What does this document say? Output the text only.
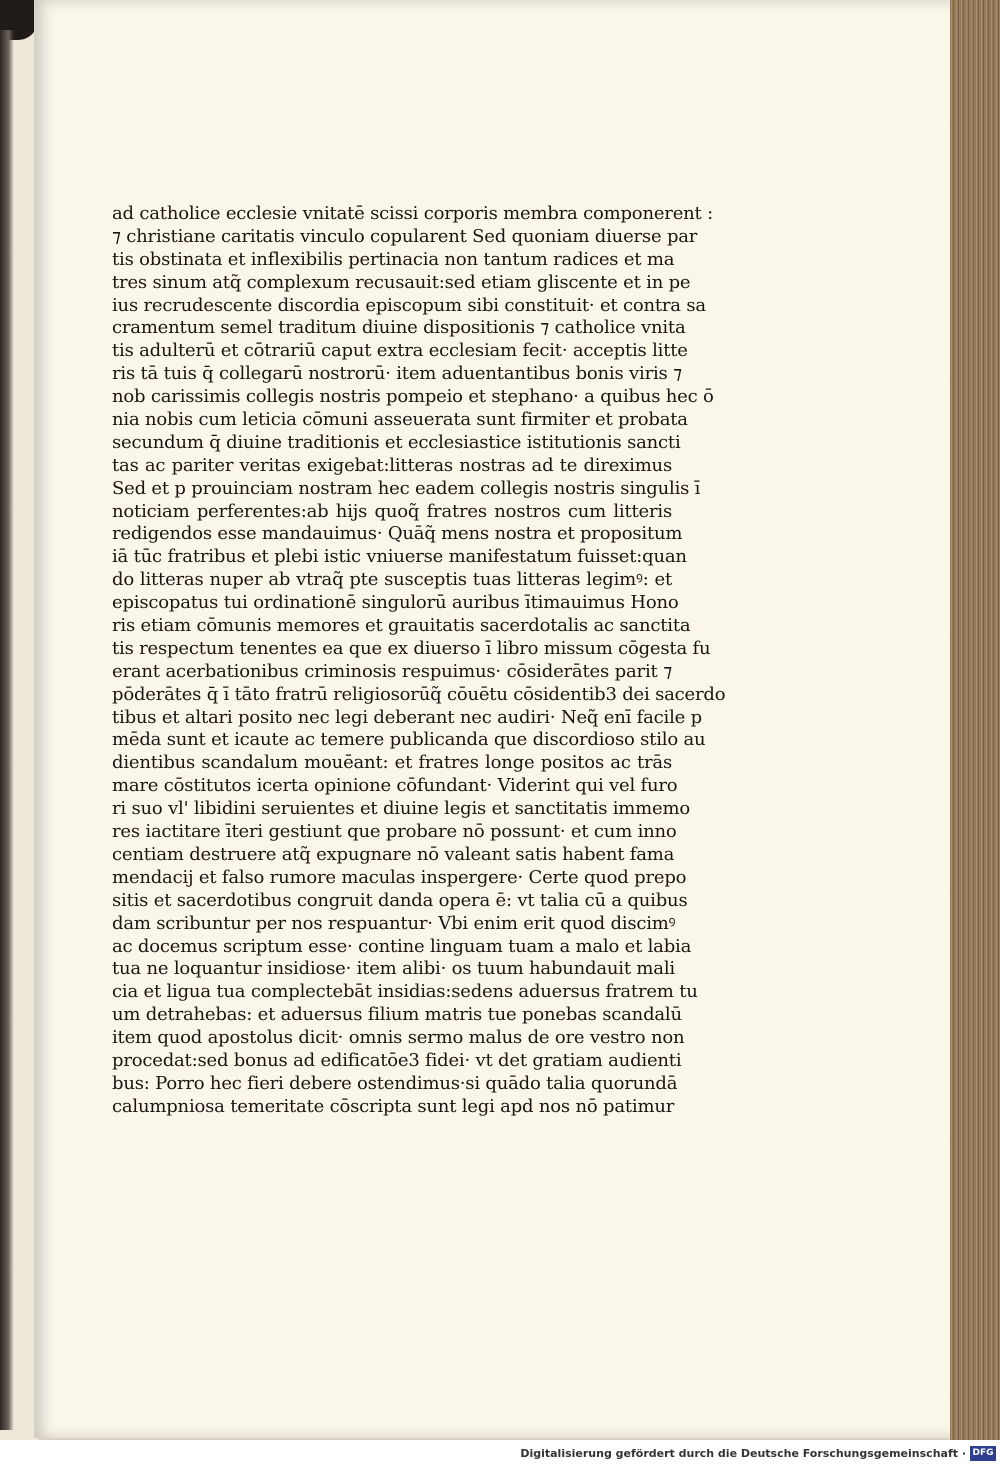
ad catholice ecclesie vnitatē scissi corporis membra componerent :
⁊ christiane caritatis vinculo copularent Sed quoniam diuerse par
tis obstinata et inflexibilis pertinacia non tantum radices et ma
tres sinum atq̃ complexum recusauit:sed etiam gliscente et in pe
ius recrudescente discordia episcopum sibi constituit· et contra sa
cramentum semel traditum diuine dispositionis ⁊ catholice vnita
tis adulterū et cōtrariū caput extra ecclesiam fecit· acceptis litte
ris tā tuis q̄ collegarū nostrorū· item aduentantibus bonis viris ⁊
nob carissimis collegis nostris pompeio et stephano· a quibus hec ō
nia nobis cum leticia cōmuni asseuerata sunt firmiter et probata
secundum q̄ diuine traditionis et ecclesiastice istitutionis sancti
tas ac pariter veritas exigebat:litteras nostras ad te direximus
Sed et p prouinciam nostram hec eadem collegis nostris singulis ī
noticiam perferentes:ab hijs quoq̃ fratres nostros cum litteris
redigendos esse mandauimus· Quāq̃ mens nostra et propositum
iā tūc fratribus et plebi istic vniuerse manifestatum fuisset:quan
do litteras nuper ab vtraq̃ pte susceptis tuas litteras legimꝰ: et
episcopatus tui ordinationē singulorū auribus ītimauimus Hono
ris etiam cōmunis memores et grauitatis sacerdotalis ac sanctita
tis respectum tenentes ea que ex diuerso ī libro missum cōgesta fu
erant acerbationibus criminosis respuimus· cōsiderātes parit ⁊
pōderātes q̄ ī tāto fratrū religiosorūq̃ cōuētu cōsidentib3 dei sacerdo
tibus et altari posito nec legi deberant nec audiri· Neq̃ enī facile p
mēda sunt et icaute ac temere publicanda que discordioso stilo au
dientibus scandalum mouēant: et fratres longe positos ac trās
mare cōstitutos icerta opinione cōfundant· Viderint qui vel furo
ri suo vl' libidini seruientes et diuine legis et sanctitatis immemo
res iactitare īteri gestiunt que probare nō possunt· et cum inno
centiam destruere atq̃ expugnare nō valeant satis habent fama
mendacij et falso rumore maculas inspergere· Certe quod prepo
sitis et sacerdotibus congruit danda opera ē: vt talia cū a quibus
dam scribuntur per nos respuantur· Vbi enim erit quod discimꝰ
ac docemus scriptum esse· contine linguam tuam a malo et labia
tua ne loquantur insidiose· item alibi· os tuum habundauit mali
cia et ligua tua complectebāt insidias:sedens aduersus fratrem tu
um detrahebas: et aduersus filium matris tue ponebas scandalū
item quod apostolus dicit· omnis sermo malus de ore vestro non
procedat:sed bonus ad edificatōe3 fidei· vt det gratiam audienti
bus: Porro hec fieri debere ostendimus·si quādo talia quorundā
calumpniosa temeritate cōscripta sunt legi apd nos nō patimur
Digitalisierung gefördert durch die Deutsche Forschungsgemeinschaft · DFG
